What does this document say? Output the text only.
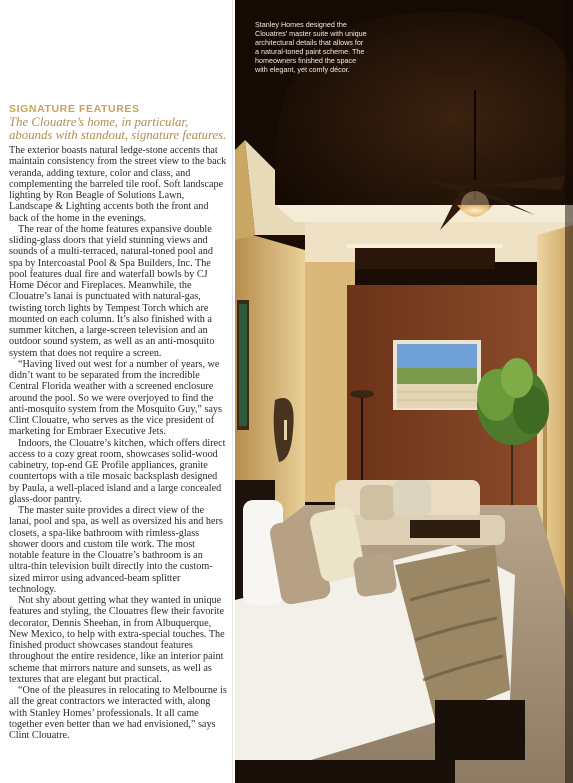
SIGNATURE FEATURES
The Clouatre’s home, in particular, abounds with standout, signature features.

The exterior boasts natural ledge-stone accents that maintain consistency from the street view to the back veranda, adding texture, color and class, and complementing the barreled tile roof. Soft landscape lighting by Ron Beagle of Solutions Lawn, Landscape & Lighting accents both the front and back of the home in the evenings.

The rear of the home features expansive double sliding-glass doors that yield stunning views and sounds of a multi-terraced, natural-toned pool and spa by Intercoastal Pool & Spa Builders, Inc. The pool features dual fire and waterfall bowls by CJ Home Décor and Fireplaces. Meanwhile, the Clouatre’s lanai is punctuated with natural-gas, twisting torch lights by Tempest Torch which are mounted on each column. It’s also finished with a summer kitchen, a large-screen television and an outdoor sound system, as well as an anti-mosquito system that does not require a screen.

“Having lived out west for a number of years, we didn’t want to be separated from the incredible Central Florida weather with a screened enclosure around the pool. So we were overjoyed to find the anti-mosquito system from the Mosquito Guy,” says Clint Clouatre, who serves as the vice president of marketing for Embraer Executive Jets.

Indoors, the Clouatre’s kitchen, which offers direct access to a cozy great room, showcases solid-wood cabinetry, top-end GE Profile appliances, granite countertops with a tile mosaic backsplash designed by Paula, a well-placed island and a large concealed glass-door pantry.

The master suite provides a direct view of the lanai, pool and spa, as well as oversized his and hers closets, a spa-like bathroom with rimless-glass shower doors and custom tile work. The most notable feature in the Clouatre’s bathroom is an ultra-thin television built directly into the custom-sized mirror using advanced-beam splitter technology.

Not shy about getting what they wanted in unique features and styling, the Clouatres flew their favorite decorator, Dennis Sheehan, in from Albuquerque, New Mexico, to help with extra-special touches. The finished product showcases standout features throughout the entire residence, like an interior paint scheme that mirrors nature and sunsets, as well as textures that are elegant but practical.

“One of the pleasures in relocating to Melbourne is all the great contractors we interacted with, along with Stanley Homes’ professionals. It all came together even better than we had envisioned,” says Clint Clouatre.

Stanley Homes designed the Clouatres’ master suite with unique architectural details that allows for a natural-toned paint scheme. The homeowners finished the space with elegant, yet comfy décor.
